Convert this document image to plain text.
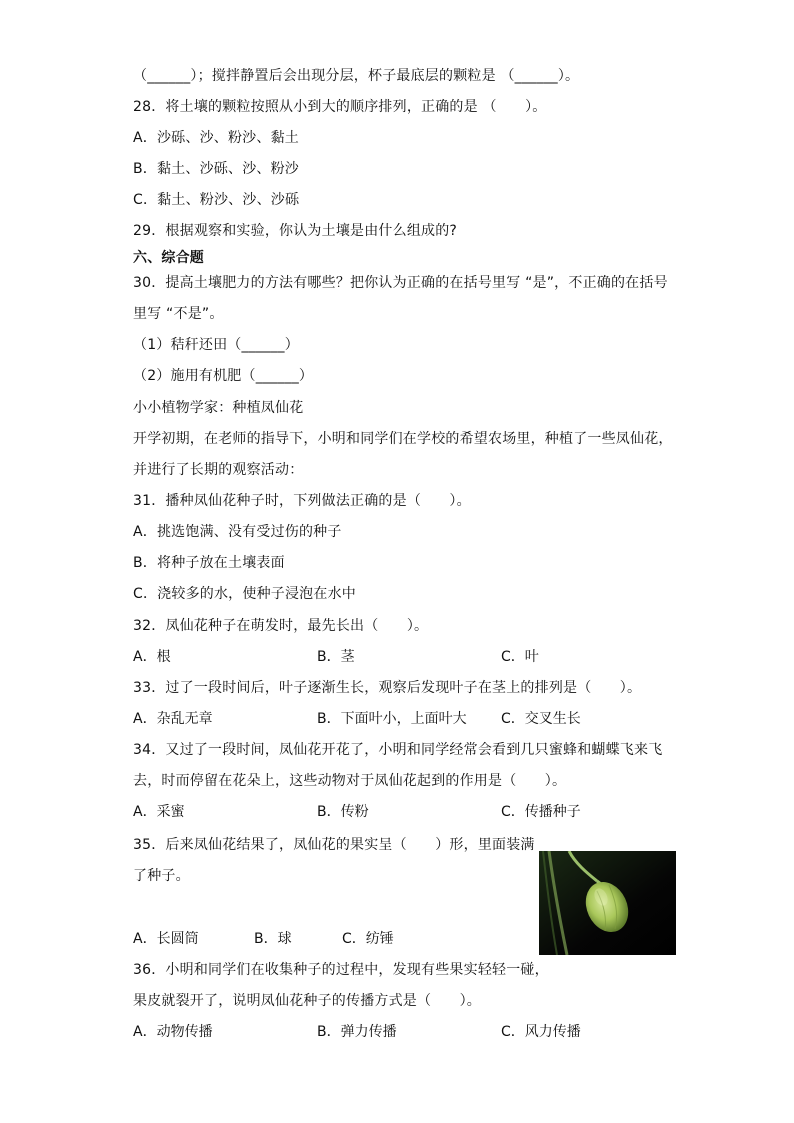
（______）；搅拌静置后会出现分层，杯子最底层的颗粒是 （______）。
28．将土壤的颗粒按照从小到大的顺序排列，正确的是 （　　）。
A．沙砾、沙、粉沙、黏土
B．黏土、沙砾、沙、粉沙
C．黏土、粉沙、沙、沙砾
29．根据观察和实验，你认为土壤是由什么组成的?
六、综合题
30．提高土壤肥力的方法有哪些？把你认为正确的在括号里写 “是”，不正确的在括号
里写 “不是”。
（1）秸秆还田（______）
（2）施用有机肥（______）
小小植物学家：种植凤仙花
开学初期，在老师的指导下，小明和同学们在学校的希望农场里，种植了一些凤仙花，
并进行了长期的观察活动：
31．播种凤仙花种子时，下列做法正确的是（　　）。
A．挑选饱满、没有受过伤的种子
B．将种子放在土壤表面
C．浇较多的水，使种子浸泡在水中
32．凤仙花种子在萌发时，最先长出（　　）。
A．根	B．茎	C．叶
33．过了一段时间后，叶子逐渐生长，观察后发现叶子在茎上的排列是（　　）。
A．杂乱无章	B．下面叶小，上面叶大 C．交叉生长
34．又过了一段时间，凤仙花开花了，小明和同学经常会看到几只蜜蜂和蝴蝶飞来飞
去，时而停留在花朵上，这些动物对于凤仙花起到的作用是（　　）。
A．采蜜	B．传粉	C．传播种子
35．后来凤仙花结果了，凤仙花的果实呈（　　）形，里面装满
了种子。
A．长圆筒	B．球	C．纺锤
36．小明和同学们在收集种子的过程中，发现有些果实轻轻一碰，
果皮就裂开了，说明凤仙花种子的传播方式是（　　）。
A．动物传播	B．弹力传播	C．风力传播
